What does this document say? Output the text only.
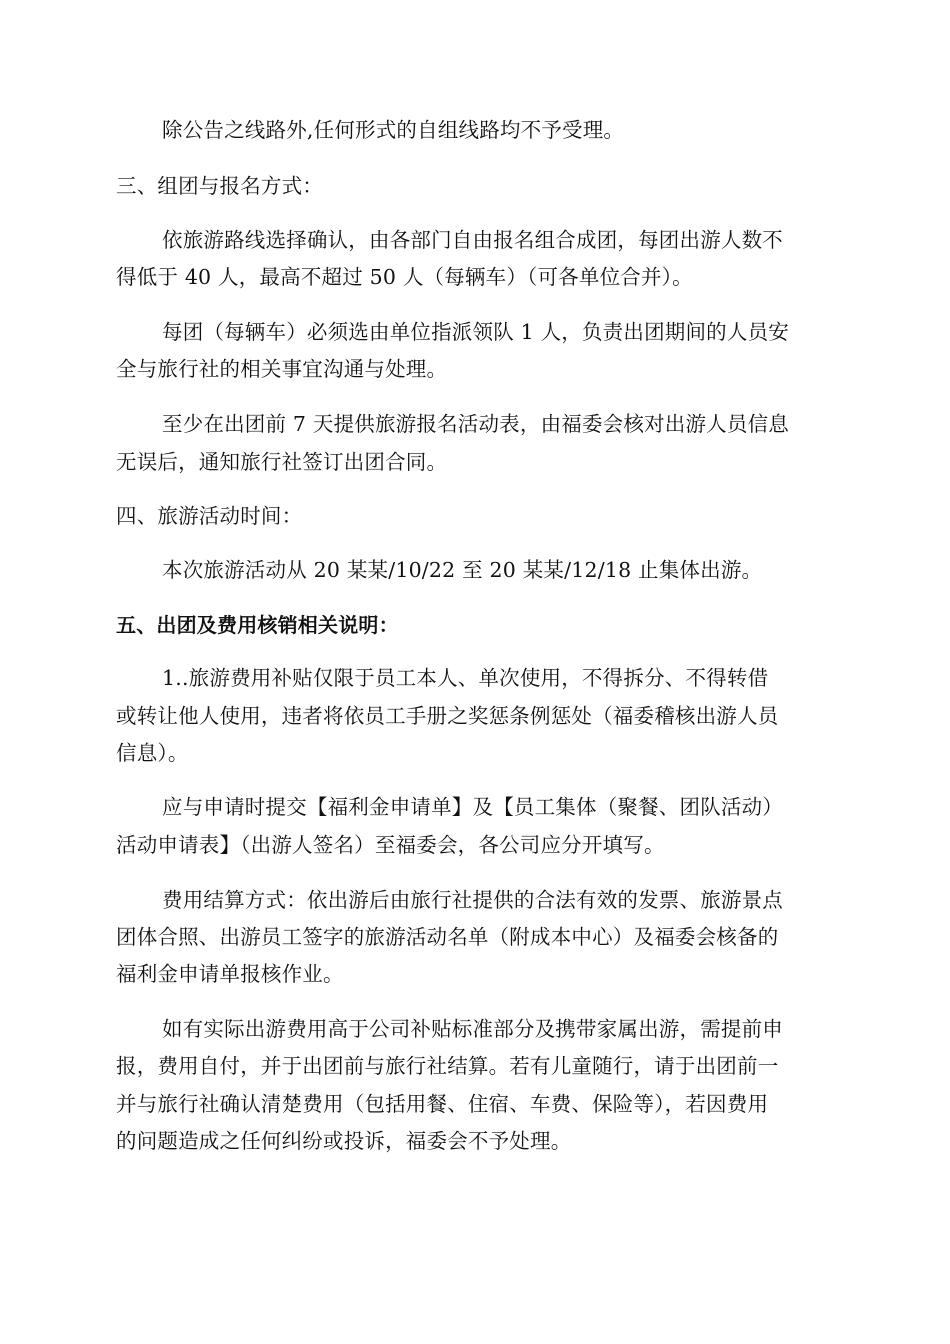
除公告之线路外,任何形式的自组线路均不予受理。
三、组团与报名方式：
依旅游路线选择确认，由各部门自由报名组合成团，每团出游人数不
得低于 40 人，最高不超过 50 人（每辆车）（可各单位合并）。
每团（每辆车）必须选由单位指派领队 1 人，负责出团期间的人员安
全与旅行社的相关事宜沟通与处理。
至少在出团前 7 天提供旅游报名活动表，由福委会核对出游人员信息
无误后，通知旅行社签订出团合同。
四、旅游活动时间：
本次旅游活动从 20 某某/10/22 至 20 某某/12/18 止集体出游。
五、出团及费用核销相关说明：
1..旅游费用补贴仅限于员工本人、单次使用，不得拆分、不得转借
或转让他人使用，违者将依员工手册之奖惩条例惩处（福委稽核出游人员
信息）。
应与申请时提交【福利金申请单】及【员工集体（聚餐、团队活动）
活动申请表】（出游人签名）至福委会，各公司应分开填写。
费用结算方式：依出游后由旅行社提供的合法有效的发票、旅游景点
团体合照、出游员工签字的旅游活动名单（附成本中心）及福委会核备的
福利金申请单报核作业。
如有实际出游费用高于公司补贴标准部分及携带家属出游，需提前申
报，费用自付，并于出团前与旅行社结算。若有儿童随行，请于出团前一
并与旅行社确认清楚费用（包括用餐、住宿、车费、保险等），若因费用
的问题造成之任何纠纷或投诉，福委会不予处理。
